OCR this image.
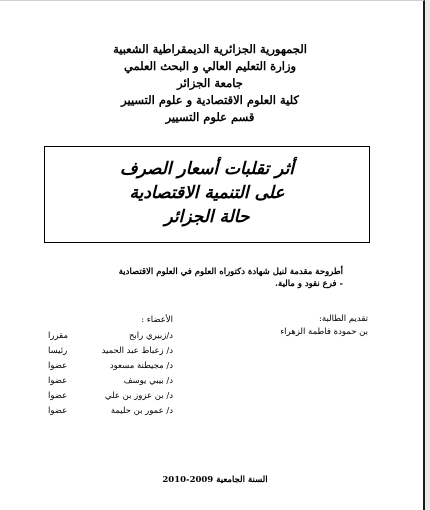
الجمهورية الجزائرية الديمقراطية الشعبية
وزارة التعليم العالي و البحث العلمي
جامعة الجزائر
كلية العلوم الاقتصادية و علوم التسيير
قسم علوم التسيير
أثر تقلبات أسعار الصرف
على التنمية الاقتصادية
حالة الجزائر
أطروحة مقدمة لنيل شهادة دكتوراه العلوم في العلوم الاقتصادية
- فرع نقود و مالية.
تقديم الطالبة:
بن حمودة فاطمة الزهراء
الأعضاء :
د/زبيري رابح
مقررا
د/ زعباط عبد الحميد
رئيسا
د/ مجيطنة مسعود
عضوا
د/ بيبي يوسف
عضوا
د/ بن عزوز بن علي
عضوا
د/ عمور بن حليمة
عضوا
السنة الجامعية 2009-2010
